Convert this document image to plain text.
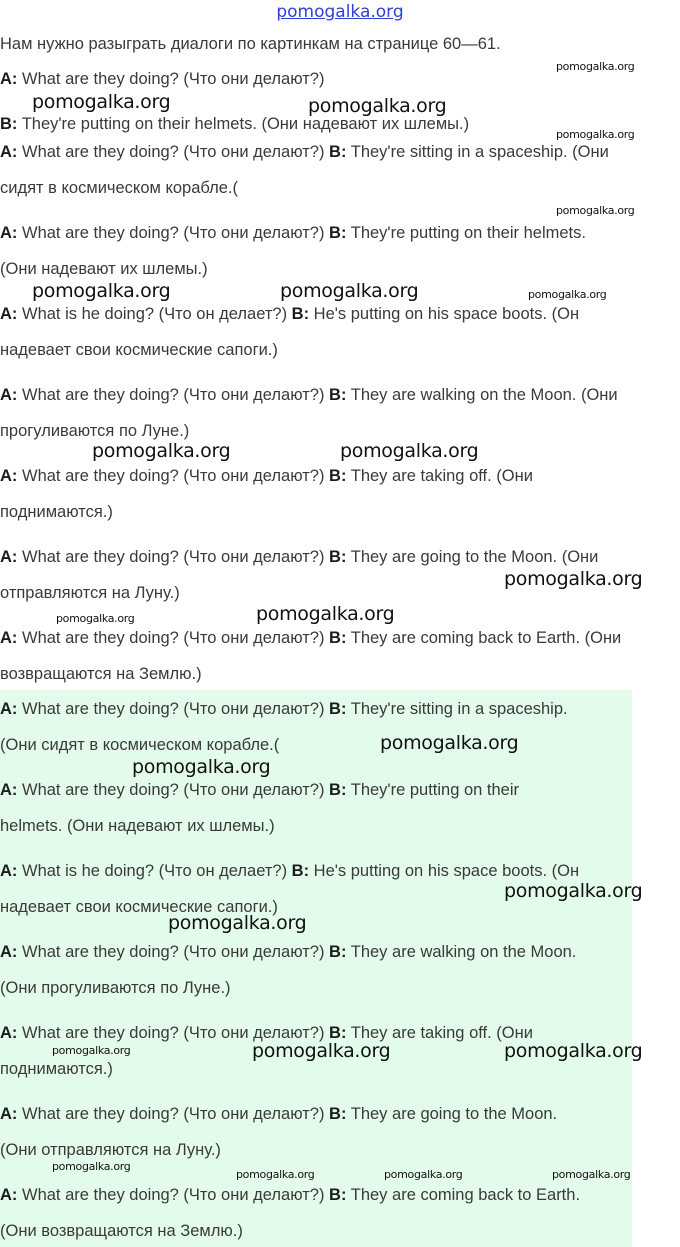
pomogalka.org
Нам нужно разыграть диалоги по картинкам на странице 60—61.
A: What are they doing? (Что они делают?)
B: They're putting on their helmets. (Они надевают их шлемы.)
A: What are they doing? (Что они делают?) B: They're sitting in a spaceship. (Они
сидят в космическом корабле.(
A: What are they doing? (Что они делают?) B: They're putting on their helmets.
(Они надевают их шлемы.)
A: What is he doing? (Что он делает?) B: He's putting on his space boots. (Он
надевает свои космические сапоги.)
A: What are they doing? (Что они делают?) B: They are walking on the Moon. (Они
прогуливаются по Луне.)
A: What are they doing? (Что они делают?) B: They are taking off. (Они
поднимаются.)
A: What are they doing? (Что они делают?) B: They are going to the Moon. (Они
отправляются на Луну.)
A: What are they doing? (Что они делают?) B: They are coming back to Earth. (Они
возвращаются на Землю.)
A: What are they doing? (Что они делают?) B: They're sitting in a spaceship.
(Они сидят в космическом корабле.(
A: What are they doing? (Что они делают?) B: They're putting on their
helmets. (Они надевают их шлемы.)
A: What is he doing? (Что он делает?) B: He's putting on his space boots. (Он
надевает свои космические сапоги.)
A: What are they doing? (Что они делают?) B: They are walking on the Moon.
(Они прогуливаются по Луне.)
A: What are they doing? (Что они делают?) B: They are taking off. (Они
поднимаются.)
A: What are they doing? (Что они делают?) B: They are going to the Moon.
(Они отправляются на Луну.)
A: What are they doing? (Что они делают?) B: They are coming back to Earth.
(Они возвращаются на Землю.)
pomogalka.org
pomogalka.org	pomogalka.org
pomogalka.org
pomogalka.org
pomogalka.org	pomogalka.org	pomogalka.org
pomogalka.org	pomogalka.org
pomogalka.org
pomogalka.org	pomogalka.org
pomogalka.org
pomogalka.org
pomogalka.org
pomogalka.org
pomogalka.org	pomogalka.org	pomogalka.org
pomogalka.org
pomogalka.org	pomogalka.org	pomogalka.org
